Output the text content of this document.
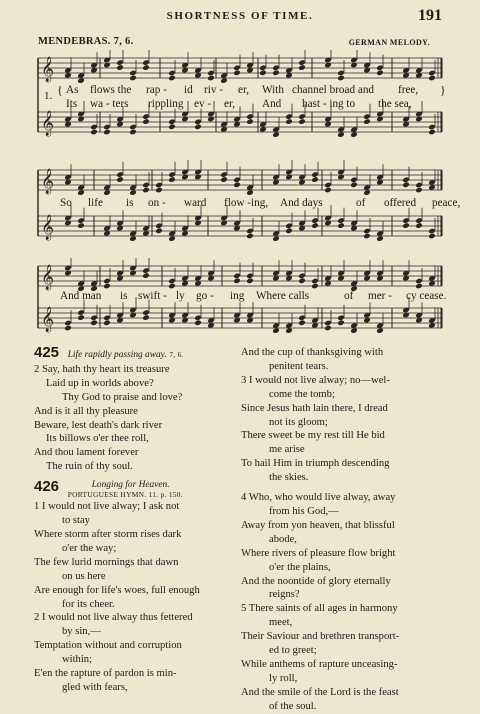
SHORTNESS OF TIME.	191
MENDEBRAS. 7, 6.	GERMAN MELODY.
𝄞
𝄞
𝄞
𝄞
𝄞
𝄞
1. {	}
As flows the rap - id riv - er, With channel broad and free,
Its wa - ters rippling ev - er, And hast - ing to the sea,
So life is on - ward flow -ing, And days	of offered peace,
And man is swift - ly go - ing Where calls	of mer - cy cease.
425 Life rapidly passing away. 7, 6.
2 Say, hath thy heart its treasure
Laid up in worlds above?
Thy God to praise and love?
And is it all thy pleasure
Beware, lest death's dark river
Its billows o'er thee roll,
And thou lament forever
The ruin of thy soul.
426	Longing for Heaven.
PORTUGUESE HYMN. 11. p. 150.
1 I would not live alway; I ask not
to stay
Where storm after storm rises dark
o'er the way;
The few lurid mornings that dawn
on us here
Are enough for life's woes, full enough
for its cheer.
2 I would not live alway thus fettered
by sin,—
Temptation without and corruption
within;
E'en the rapture of pardon is min-
gled with fears,
And the cup of thanksgiving with
penitent tears.
3 I would not live alway; no—wel-
come the tomb;
Since Jesus hath lain there, I dread
not its gloom;
There sweet be my rest till He bid
me arise
To hail Him in triumph descending
the skies.
4 Who, who would live alway, away
from his God,—
Away from yon heaven, that blissful
abode,
Where rivers of pleasure flow bright
o'er the plains,
And the noontide of glory eternally
reigns?
5 There saints of all ages in harmony
meet,
Their Saviour and brethren transport-
ed to greet;
While anthems of rapture unceasing-
ly roll,
And the smile of the Lord is the feast
of the soul.
